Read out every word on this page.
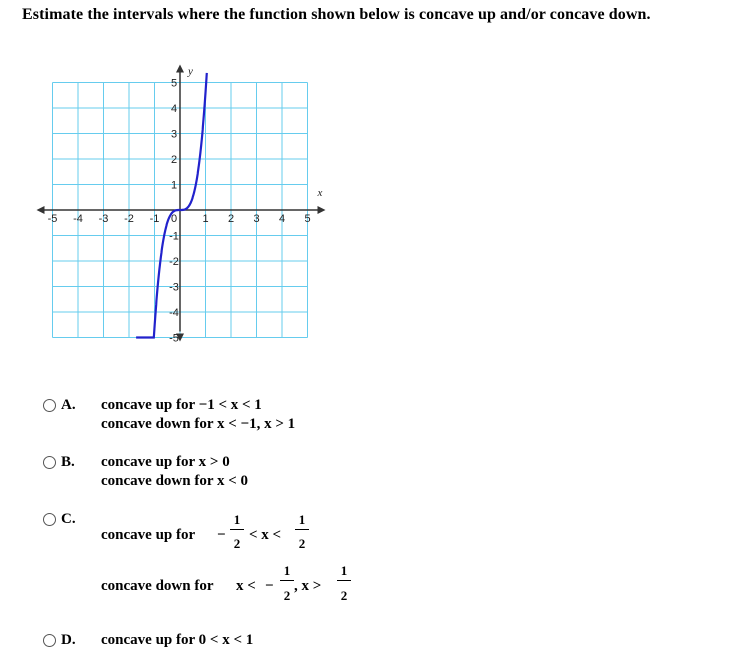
Estimate the intervals where the function shown below is concave up and/or concave down.
x
y
-5 -4 -3 -2 -1	1 2 3 4 5
5
4
3
2
1
-1
-2
-3
-4
-5
0
A. concave up for −1 < x < 1
concave down for x < −1, x > 1
B. concave up for x > 0
concave down for x < 0
C.
concave up for −
1
2
< x <
1
2
concave down for x < −
1
2
, x >
1
2
D. concave up for 0 < x < 1
